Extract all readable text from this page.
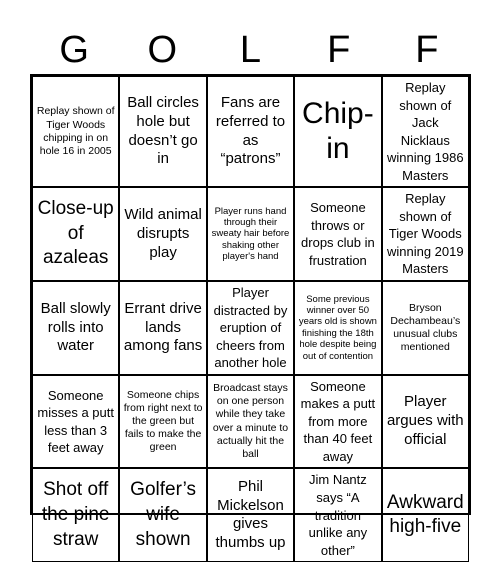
G	O	L	F	F
Replay shown of Tiger Woods chipping in on hole 16 in 2005
Ball circles hole but doesn’t go in
Fans are referred to as “patrons”
Chip-in
Replay shown of Jack Nicklaus winning 1986 Masters
Close-up of azaleas
Wild animal disrupts play
Player runs hand through their sweaty hair before shaking other player's hand
Someone throws or drops club in frustration
Replay shown of Tiger Woods winning 2019 Masters
Ball slowly rolls into water
Errant drive lands among fans
Player distracted by eruption of cheers from another hole
Some previous winner over 50 years old is shown finishing the 18th hole despite being out of contention
Bryson Dechambeau’s unusual clubs mentioned
Someone misses a putt less than 3 feet away
Someone chips from right next to the green but fails to make the green
Broadcast stays on one person while they take over a minute to actually hit the ball
Someone makes a putt from more than 40 feet away
Player argues with official
Shot off the pine straw
Golfer’s wife shown
Phil Mickelson gives thumbs up
Jim Nantz says “A tradition unlike any other”
Awkward high-five
